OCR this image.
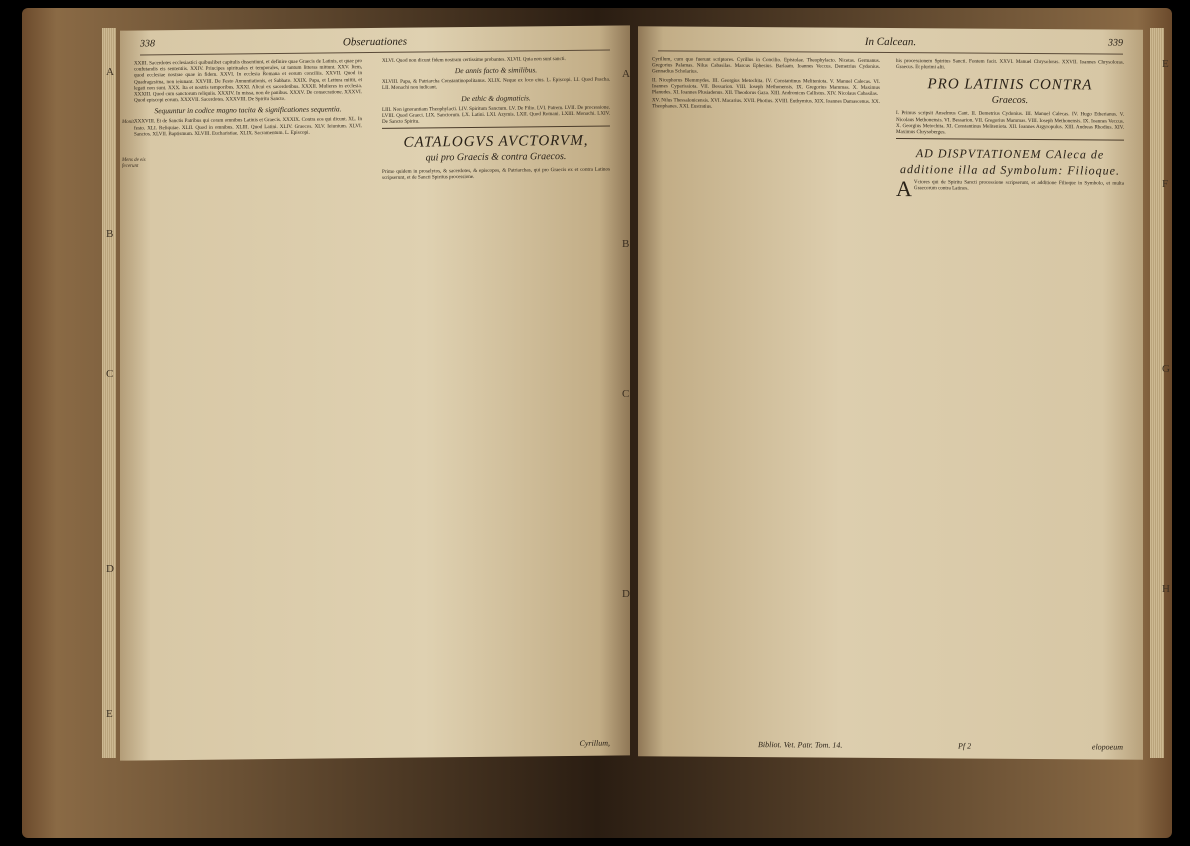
338	Obseruationes

XXIII. Sacerdotes ecclesiastici quibuslibet capitulis dissentiunt, et definire quae Graecis de Latinis, et quae pro confutandis eis sententiis. XXIV. Principes spirituales et temporales, ut tantum litteras mittunt. XXV. Item, quod ecclesiae nostrae quae in fidem. XXVI. In ecclesia Romana et eorum conciliis. XXVII. Quod in Quadragesima, non ieiunant. XXVIII. De Festo Annuntiationis, et Sabbato. XXIX. Papa, et Lettura mittit, et legati non sunt. XXX. Ita et nostris temporibus. XXXI. Alicui ex sacerdotibus. XXXII. Mulieres in ecclesia. XXXIII. Quod cum sanctorum reliquiis. XXXIV. In missa, non de panibus. XXXV. De consecratione. XXXVI. Quod episcopi eorum. XXXVII. Sacerdotes. XXXVIII. De Spiritu Sancto.

Sequuntur in codice magno tacita & significationes sequentia.

XXXVIII. Et de Sanctis Patribus qui coram omnibus Latinis et Graecis. XXXIX. Contra eos qui dicunt. XL. In festo. XLI. Reliquiae. XLII. Quod in omnibus. XLIII. Quod Latini. XLIV. Graecos. XLV. Ieiunium. XLVI. Sanctos. XLVII. Baptismum. XLVIII. Eucharistiae. XLIX. Sacramentum. L. Episcopi.

XLVI. Quod non dicunt fidem nostram certissime probantes. XLVII. Quia non sunt sancti.

De annis facto & similibus.

XLVIII. Papa, & Patriarcha Constantinopolitanus. XLIX. Neque ex loco eius. L. Episcopi. LI. Quod Pascha. LII. Monachi non iudicant.

De ethic & dogmaticis.

LIII. Non ignorantiam Theophylacti. LIV. Spiritum Sanctum. LV. De Filio. LVI. Patrem. LVII. De processione. LVIII. Quod Graeci. LIX. Sanctorum. LX. Latini. LXI. Azymis. LXII. Quod Romani. LXIII. Monachi. LXIV. De Sancto Spiritu.

CATALOGVS AVCTORVM,
qui pro Graecis & contra Graecos.

Primo quidem in proselytos, & sacerdotes, & episcopos, & Patriarchas, qui pro Graecis ex et contra Latinos scripserunt, et de Sancti Spiritus processione.

Cyrillum,
A
B
C
D
E
Monit.
Mens de eis fecerunt
In Calcean.	339

Cyrillum, cum quo fuerunt scriptores. Cyrillus in Concilio. Epistolae. Theophylacto. Nicetas. Germanus. Gregorius Palamas. Nilus Cabasilas. Marcus Ephesius. Barlaam. Ioannes Veccus. Demetrius Cydonius. Gennadius Scholarius.

II. Nicephorus Blemmydes. III. Georgius Metochita. IV. Constantinus Meliteniota. V. Manuel Calecas. VI. Ioannes Cyparissiota. VII. Bessarion. VIII. Ioseph Methonensis. IX. Gregorius Mammas. X. Maximus Planudes. XI. Ioannes Plusiadenus. XII. Theodorus Gaza. XIII. Andronicus Callistus. XIV. Nicolaus Cabasilas.

XV. Nilus Thessalonicensis. XVI. Macarius. XVII. Photius. XVIII. Euthymius. XIX. Ioannes Damascenus. XX. Theophanes. XXI. Eustratius.

his processionem Spiritus Sancti. Fontem facit. XXVI. Manuel Chrysoloras. XXVII. Ioannes Chrysoloras. Graecus. Et plurimi alii.

PRO LATINIS CONTRA
Graecos.

I. Primus scripsit Anselmus Cant. II. Demetrius Cydonius. III. Manuel Calecas. IV. Hugo Etherianus. V. Nicolaus Methonensis. VI. Bessarion. VII. Gregorius Mammas. VIII. Ioseph Methonensis. IX. Ioannes Veccus. X. Georgius Metochita. XI. Constantinus Meliteniota. XII. Ioannes Argyropulus. XIII. Andreas Rhodius. XIV. Maximus Chrysoberges.

AD DISPVTATIONEM CAleca de additione illa ad Symbolum: Filioque.

A Vctores qui de Spiritu Sancti processione scripserunt, et additione Filioque in Symbolo, et multa Graecorum contra Latinos.

Bibliot. Vet. Patr. Tom. 14.	Pf 2	elopoeum
A
B
C
D
E
F
G
H
